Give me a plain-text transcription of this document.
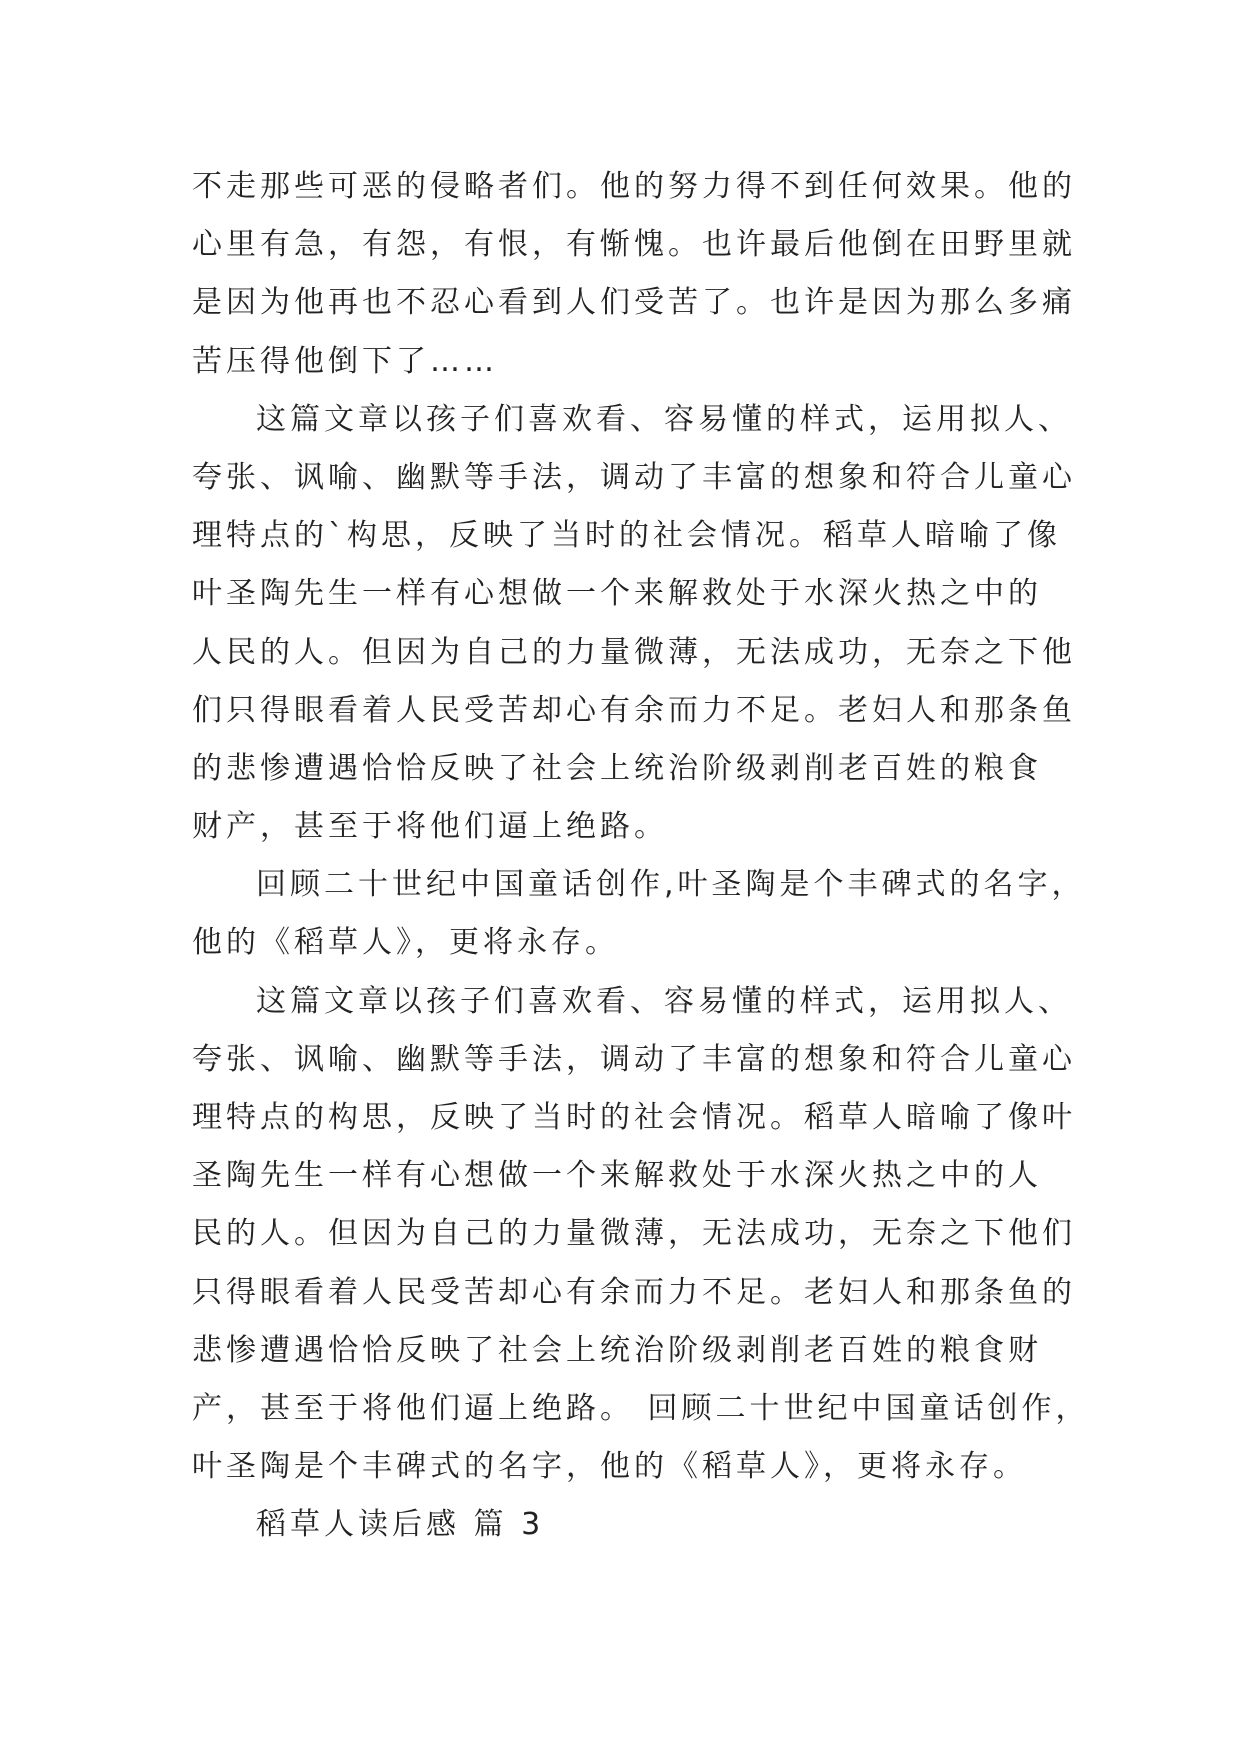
不走那些可恶的侵略者们。他的努力得不到任何效果。他的
心里有急，有怨，有恨，有惭愧。也许最后他倒在田野里就
是因为他再也不忍心看到人们受苦了。也许是因为那么多痛
苦压得他倒下了……

这篇文章以孩子们喜欢看、容易懂的样式，运用拟人、
夸张、讽喻、幽默等手法，调动了丰富的想象和符合儿童心
理特点的`构思，反映了当时的社会情况。稻草人暗喻了像
叶圣陶先生一样有心想做一个来解救处于水深火热之中的
人民的人。但因为自己的力量微薄，无法成功，无奈之下他
们只得眼看着人民受苦却心有余而力不足。老妇人和那条鱼
的悲惨遭遇恰恰反映了社会上统治阶级剥削老百姓的粮食
财产，甚至于将他们逼上绝路。

回顾二十世纪中国童话创作,叶圣陶是个丰碑式的名字，
他的《稻草人》，更将永存。

这篇文章以孩子们喜欢看、容易懂的样式，运用拟人、
夸张、讽喻、幽默等手法，调动了丰富的想象和符合儿童心
理特点的构思，反映了当时的社会情况。稻草人暗喻了像叶
圣陶先生一样有心想做一个来解救处于水深火热之中的人
民的人。但因为自己的力量微薄，无法成功，无奈之下他们
只得眼看着人民受苦却心有余而力不足。老妇人和那条鱼的
悲惨遭遇恰恰反映了社会上统治阶级剥削老百姓的粮食财
产，甚至于将他们逼上绝路。 回顾二十世纪中国童话创作，
叶圣陶是个丰碑式的名字，他的《稻草人》，更将永存。

稻草人读后感 篇 3
